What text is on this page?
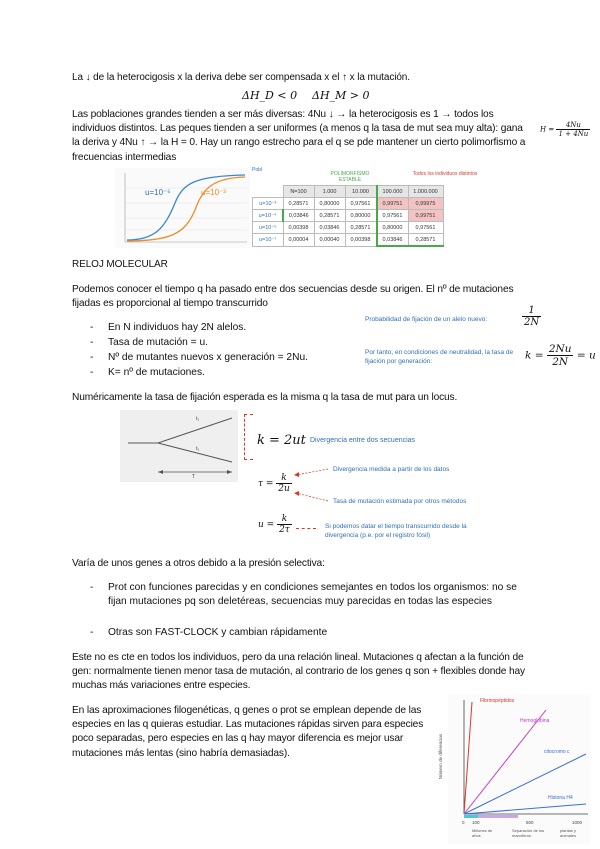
La ↓ de la heterocigosis x la deriva debe ser compensada x el ↑ x la mutación.
ΔH_D < 0 ΔH_M > 0
Las poblaciones grandes tienden a ser más diversas: 4Nu ↓ → la heterocigosis es 1 → todos los individuos distintos. Las peques tienden a ser uniformes (a menos q la tasa de mut sea muy alta): gana la deriva y 4Nu ↑ → la H = 0. Hay un rango estrecho para el q se pde mantener un cierto polimorfismo a frecuencias intermedias
$H = \frac{4Nu}{1 + 4Nu}$
u=10⁻⁵	u=10⁻³
Pobl
POLIMORFISMO ESTABLE
Todos los individuos distintos
	N=100	1.000	10.000	100.000	1.000.000
u=10⁻³	0,28571	0,80000	0,97561	0,99751	0,99975
u=10⁻⁴	0,03846	0,28571	0,80000	0,97561	0,99751
u=10⁻⁵	0,00398	0,03846	0,28571	0,80000	0,97561
u=10⁻⁷	0,00004	0,00040	0,00398	0,03846	0,28571
RELOJ MOLECULAR
Podemos conocer el tiempo q ha pasado entre dos secuencias desde su origen. El nº de mutaciones fijadas es proporcional al tiempo transcurrido
- En N individuos hay 2N alelos.
- Tasa de mutación = u.
- Nº de mutantes nuevos x generación = 2Nu.
- K= nº de mutaciones.
Probabilidad de fijación de un alelo nuevo:	$\frac{1}{2N}$
Por tanto, en condiciones de neutralidad, la tasa de fijación por generación:	$k = \frac{2Nu}{2N} = u$
Numéricamente la tasa de fijación esperada es la misma q la tasa de mut para un locus.
t₁
t₂
T
k = 2ut Divergencia entre dos secuencias
$\tau = \frac{k}{2u}$
Divergencia medida a partir de los datos
Tasa de mutación estimada por otros métodos
$u = \frac{k}{2\tau}$	Si podemos datar el tiempo transcurrido desde la divergencia (p.e. por el registro fósil)
Varía de unos genes a otros debido a la presión selectiva:
- Prot con funciones parecidas y en condiciones semejantes en todos los organismos: no se fijan mutaciones pq son deletéreas, secuencias muy parecidas en todas las especies
- Otras son FAST-CLOCK y cambian rápidamente
Este no es cte en todos los individuos, pero da una relación lineal. Mutaciones q afectan a la función de gen: normalmente tienen menor tasa de mutación, al contrario de los genes q son + flexibles donde hay muchas más variaciones entre especies.
En las aproximaciones filogenéticas, q genes o prot se emplean depende de las especies en las q quieras estudiar. Las mutaciones rápidas sirven para especies poco separadas, pero especies en las q hay mayor diferencia es mejor usar mutaciones más lentas (sino habría demasiadas).
Fibrinopéptidos
Hemoglobina
citocromo c
Histona H4
Número de diferencias
0 100	500	1000
Millones de años
Separación de los mamíferos
plantas y animales
